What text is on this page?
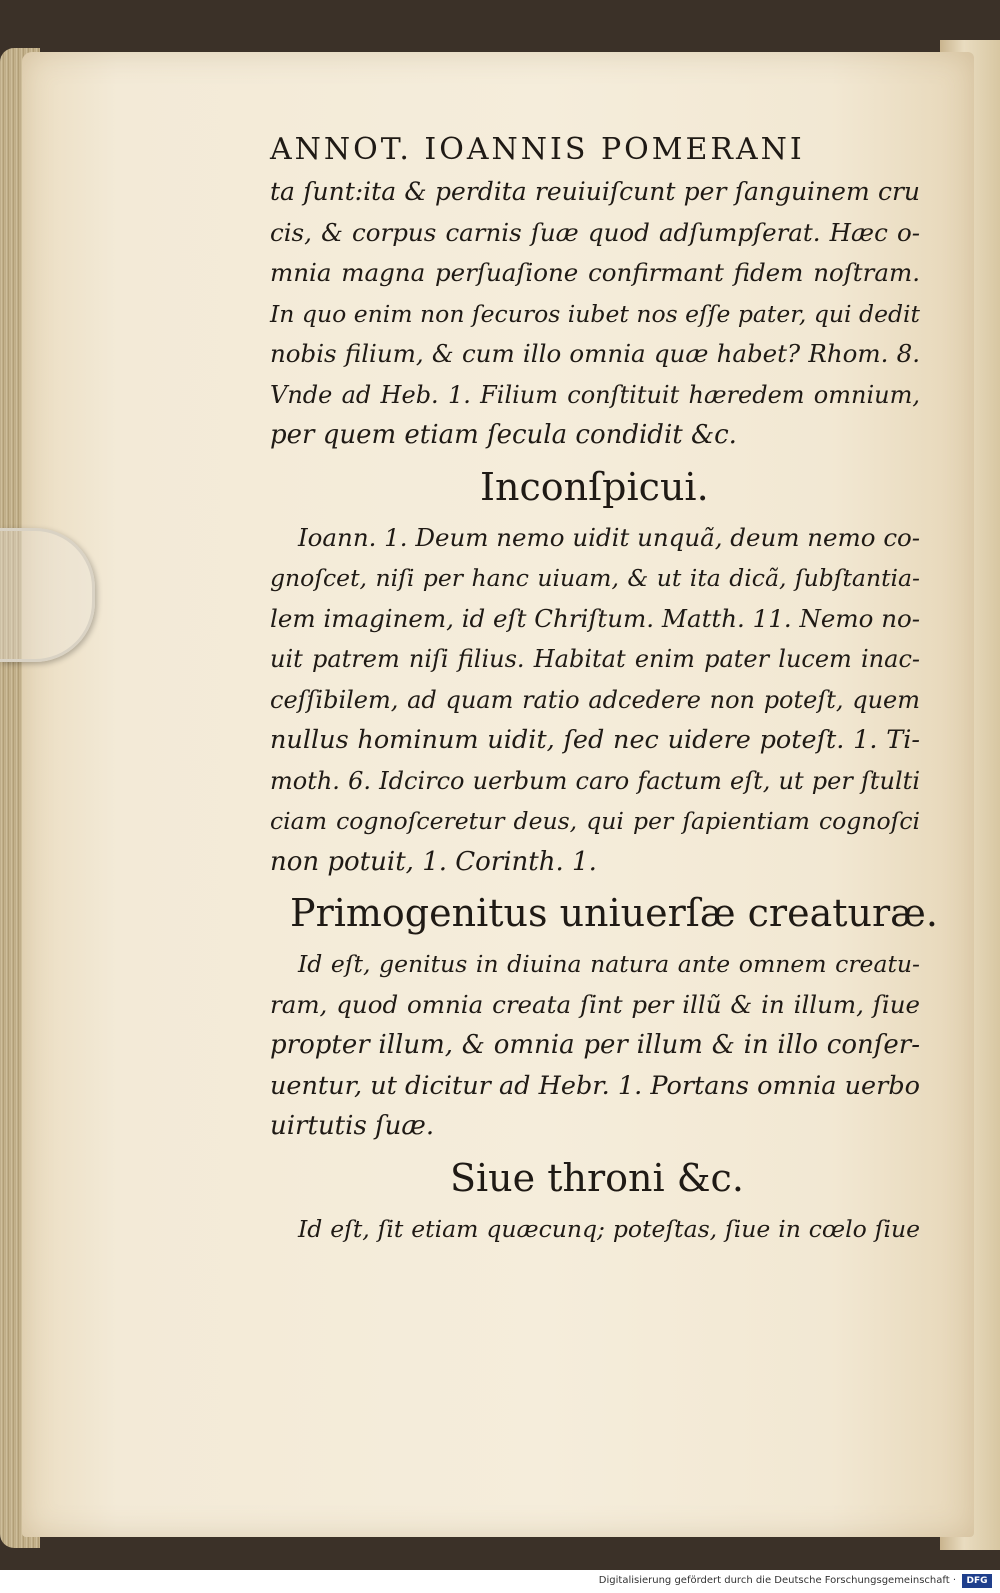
ANNOT. IOANNIS POMERANI
ta ſunt:ita & perdita reuiuiſcunt per ſanguinem cru
cis, & corpus carnis ſuæ quod adſumpſerat. Hæc o-
mnia magna perſuaſione confirmant fidem noſtram.
In quo enim non ſecuros iubet nos eſſe pater, qui dedit
nobis filium, & cum illo omnia quæ habet? Rhom. 8.
Vnde ad Heb. 1. Filium conſtituit hæredem omnium,
per quem etiam ſecula condidit &c.
Inconſpicui.
Ioann. 1. Deum nemo uidit unquã, deum nemo co-
gnoſcet, niſi per hanc uiuam, & ut ita dicã, ſubſtantia-
lem imaginem, id eſt Chriſtum. Matth. 11. Nemo no-
uit patrem niſi filius. Habitat enim pater lucem inac-
ceſſibilem, ad quam ratio adcedere non poteſt, quem
nullus hominum uidit, ſed nec uidere poteſt. 1. Ti-
moth. 6. Idcirco uerbum caro factum eſt, ut per ſtulti
ciam cognoſceretur deus, qui per ſapientiam cognoſci
non potuit, 1. Corinth. 1.
Primogenitus uniuerſæ creaturæ.
Id eſt, genitus in diuina natura ante omnem creatu-
ram, quod omnia creata ſint per illũ & in illum, ſiue
propter illum, & omnia per illum & in illo conſer-
uentur, ut dicitur ad Hebr. 1. Portans omnia uerbo
uirtutis ſuæ.
Siue throni &c.
Id eſt, ſit etiam quæcunq; poteſtas, ſiue in cœlo ſiue
Digitalisierung gefördert durch die Deutsche Forschungsgemeinschaft ·	DFG
